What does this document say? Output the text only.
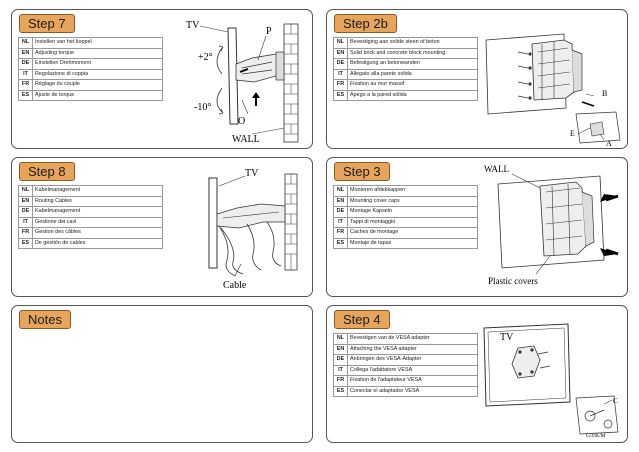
Step 7
NL	Instellen van het koppel
EN	Adjusting torque
DE	Einstellen Drehmoment
IT	Regolazione di coppia
FR	Réglage du couple
ES	Ajuste de torque
TV
P
+2°
-10°
O
WALL
Step 2b
NL	Bevestiging aan solide steen of beton
EN	Solid brick and concrete block mounting
DE	Befestigung an betonwanden
IT	Allegato alla parete solida
FR	Fixation au mur massif
ES	Apego a la pared sólida	B
E
A
Step 8
NL	Kabelmanagement
EN	Routing Cables
DE	Kabelmanagement
IT	Gestione dei cavi
FR	Gestion des câbles
ES	De gestión de cables
TV
Cable
Step 3
NL	Monteren afdekkappen
EN	Mounting cover caps
DE	Montage Kapseln
IT	Tappi di montaggio
FR	Caches de montage
ES	Montaje de tapas
WALL
Plastic covers
Notes	Step 4
NL	Bevestigen van de VESA adapter
EN	Attaching the VESA adapter
DE	Anbringen des VESA-Adapter
IT	Collega l'adattatore VESA
FR	Fixation de l'adaptateur VESA
ES	Conectar el adaptador VESA
TV
C
G/J/K/M
